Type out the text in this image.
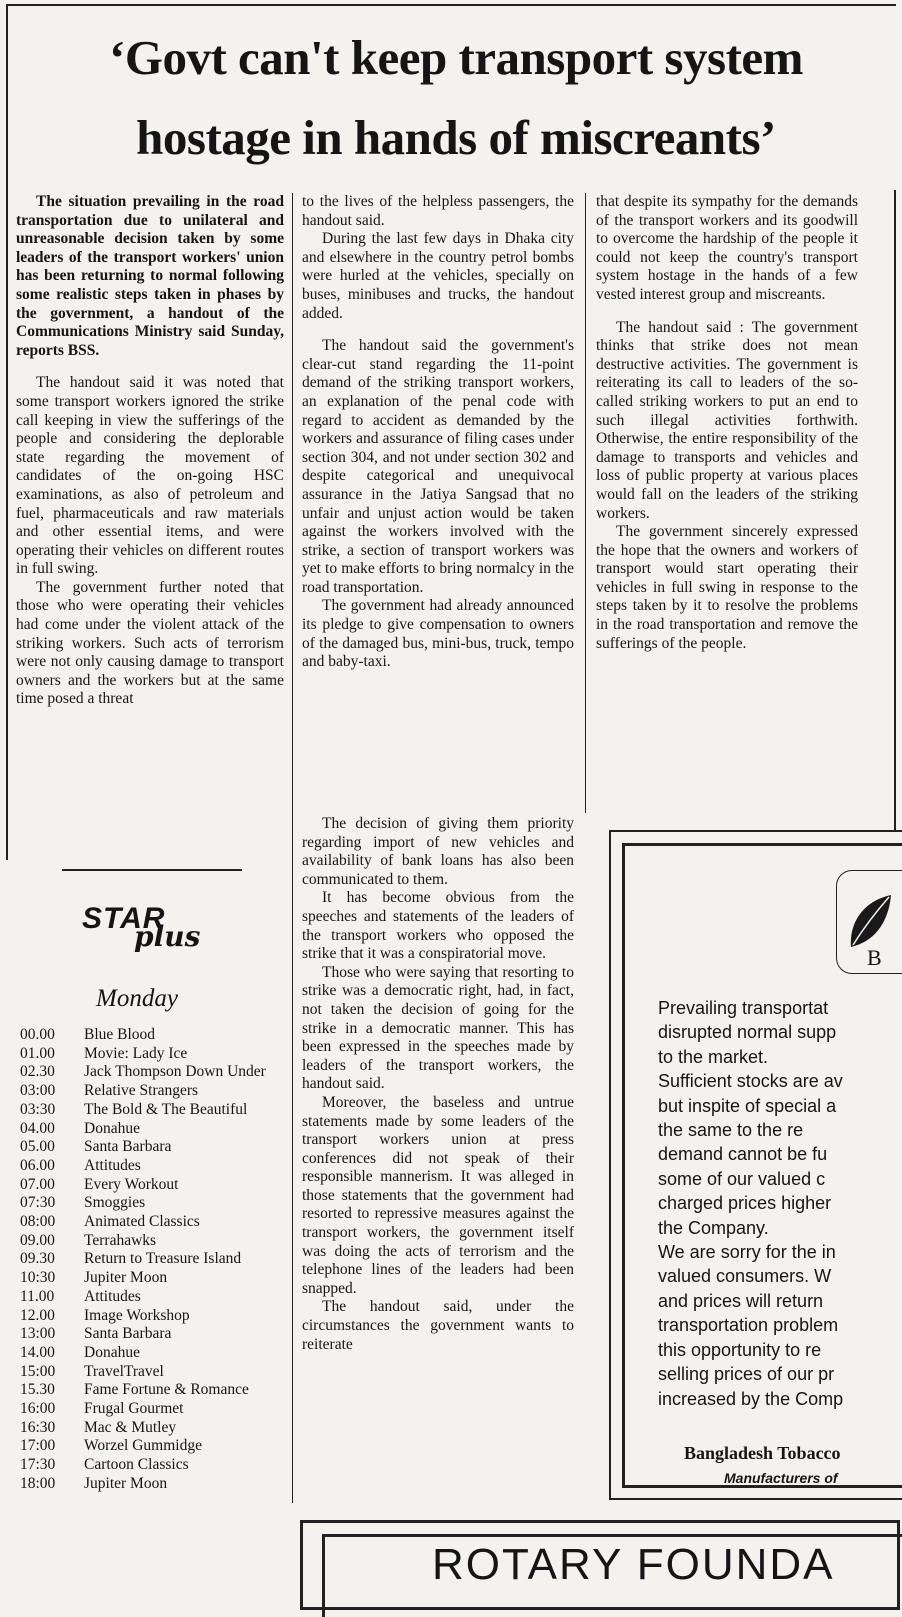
‘Govt can't keep transport system
hostage in hands of miscreants’

The situation prevailing in the road transportation due to unilateral and unreasonable decision taken by some leaders of the transport workers' union has been returning to normal following some realistic steps taken in phases by the government, a handout of the Communications Ministry said Sunday, reports BSS.

The handout said it was noted that some transport workers ignored the strike call keeping in view the sufferings of the people and considering the deplorable state regarding the movement of candidates of the on-going HSC examinations, as also of petroleum and fuel, pharmaceuticals and raw materials and other essential items, and were operating their vehicles on different routes in full swing.

The government further noted that those who were operating their vehicles had come under the violent attack of the striking workers. Such acts of terrorism were not only causing damage to transport owners and the workers but at the same time posed a threat

to the lives of the helpless passengers, the handout said.

During the last few days in Dhaka city and elsewhere in the country petrol bombs were hurled at the vehicles, specially on buses, minibuses and trucks, the handout added.

The handout said the government's clear-cut stand regarding the 11-point demand of the striking transport workers, an explanation of the penal code with regard to accident as demanded by the workers and assurance of filing cases under section 304, and not under section 302 and despite categorical and unequivocal assurance in the Jatiya Sangsad that no unfair and unjust action would be taken against the workers involved with the strike, a section of transport workers was yet to make efforts to bring normalcy in the road transportation.

The government had already announced its pledge to give compensation to owners of the damaged bus, mini-bus, truck, tempo and baby-taxi.

The decision of giving them priority regarding import of new vehicles and availability of bank loans has also been communicated to them.

It has become obvious from the speeches and statements of the leaders of the transport workers who opposed the strike that it was a conspiratorial move.

Those who were saying that resorting to strike was a democratic right, had, in fact, not taken the decision of going for the strike in a democratic manner. This has been expressed in the speeches made by leaders of the transport workers, the handout said.

Moreover, the baseless and untrue statements made by some leaders of the transport workers union at press conferences did not speak of their responsible mannerism. It was alleged in those statements that the government had resorted to repressive measures against the transport workers, the government itself was doing the acts of terrorism and the telephone lines of the leaders had been snapped.

The handout said, under the circumstances the government wants to reiterate

that despite its sympathy for the demands of the transport workers and its goodwill to overcome the hardship of the people it could not keep the country's transport system hostage in the hands of a few vested interest group and miscreants.

The handout said : The government thinks that strike does not mean destructive activities. The government is reiterating its call to leaders of the so-called striking workers to put an end to such illegal activities forthwith. Otherwise, the entire responsibility of the damage to transports and vehicles and loss of public property at various places would fall on the leaders of the striking workers.

The government sincerely expressed the hope that the owners and workers of transport would start operating their vehicles in full swing in response to the steps taken by it to resolve the problems in the road transportation and remove the sufferings of the people.

STAR
plus
Monday
00.00	Blue Blood
01.00	Movie: Lady Ice
02.30	Jack Thompson Down Under
03:00	Relative Strangers
03:30	The Bold & The Beautiful
04.00	Donahue
05.00	Santa Barbara
06.00	Attitudes
07.00	Every Workout
07:30	Smoggies
08:00	Animated Classics
09.00	Terrahawks
09.30	Return to Treasure Island
10:30	Jupiter Moon
11.00	Attitudes
12.00	Image Workshop
13:00	Santa Barbara
14.00	Donahue
15:00	TravelTravel
15.30	Fame Fortune & Romance
16:00	Frugal Gourmet
16:30	Mac & Mutley
17:00	Worzel Gummidge
17:30	Cartoon Classics
18:00	Jupiter Moon
B
Prevailing transportat
disrupted normal supp
to the market.
Sufficient stocks are av
but inspite of special a
the same to the re
demand cannot be fu
some of our valued c
charged prices higher
the Company.
We are sorry for the in
valued consumers. W
and prices will return
transportation problem
this opportunity to re
selling prices of our pr
increased by the Comp
Bangladesh Tobacco
Manufacturers of
ROTARY FOUNDA
